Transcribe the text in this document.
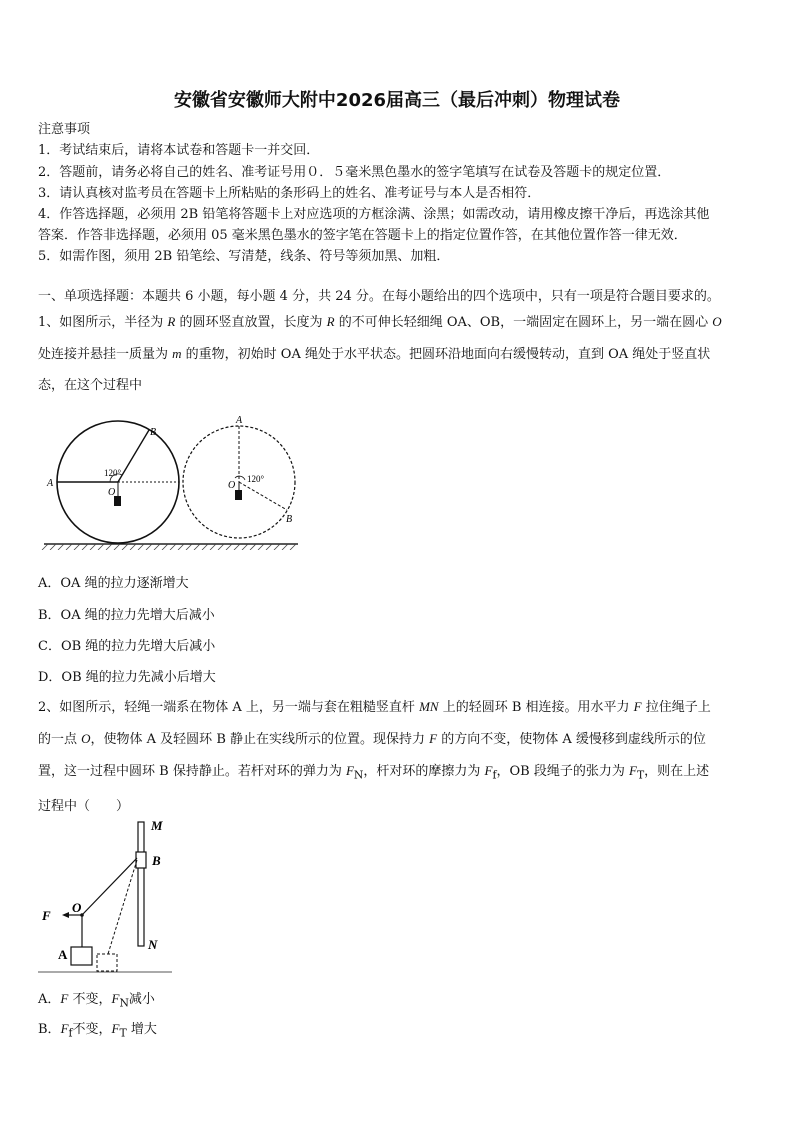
安徽省安徽师大附中2026届高三（最后冲刺）物理试卷
注意事项
1．考试结束后，请将本试卷和答题卡一并交回．
2．答题前，请务必将自己的姓名、准考证号用０．５毫米黑色墨水的签字笔填写在试卷及答题卡的规定位置．
3．请认真核对监考员在答题卡上所粘贴的条形码上的姓名、准考证号与本人是否相符．
4．作答选择题，必须用 2B 铅笔将答题卡上对应选项的方框涂满、涂黑；如需改动，请用橡皮擦干净后，再选涂其他
答案．作答非选择题，必须用 05 毫米黑色墨水的签字笔在答题卡上的指定位置作答，在其他位置作答一律无效．
5．如需作图，须用 2B 铅笔绘、写清楚，线条、符号等须加黑、加粗．
一、单项选择题：本题共 6 小题，每小题 4 分，共 24 分。在每小题给出的四个选项中，只有一项是符合题目要求的。

1、如图所示，半径为 R 的圆环竖直放置，长度为 R 的不可伸长轻细绳 OA、OB，一端固定在圆环上，另一端在圆心 O

处连接并悬挂一质量为 m 的重物，初始时 OA 绳处于水平状态。把圆环沿地面向右缓慢转动，直到 OA 绳处于竖直状

态，在这个过程中

A
B
O
120°
A
B
O
120°
A．OA 绳的拉力逐渐增大
B．OA 绳的拉力先增大后减小
C．OB 绳的拉力先增大后减小
D．OB 绳的拉力先减小后增大

2、如图所示，轻绳一端系在物体 A 上，另一端与套在粗糙竖直杆 MN 上的轻圆环 B 相连接。用水平力 F 拉住绳子上

的一点 O，使物体 A 及轻圆环 B 静止在实线所示的位置。现保持力 F 的方向不变，使物体 A 缓慢移到虚线所示的位

置，这一过程中圆环 B 保持静止。若杆对环的弹力为 $F_N$，杆对环的摩擦力为 $F_f$，OB 段绳子的张力为 $F_T$，则在上述

过程中（　　）

M
B
N
O
F
A
A．F 不变，$F_N$减小
B．$F_f$不变，$F_T$ 增大
